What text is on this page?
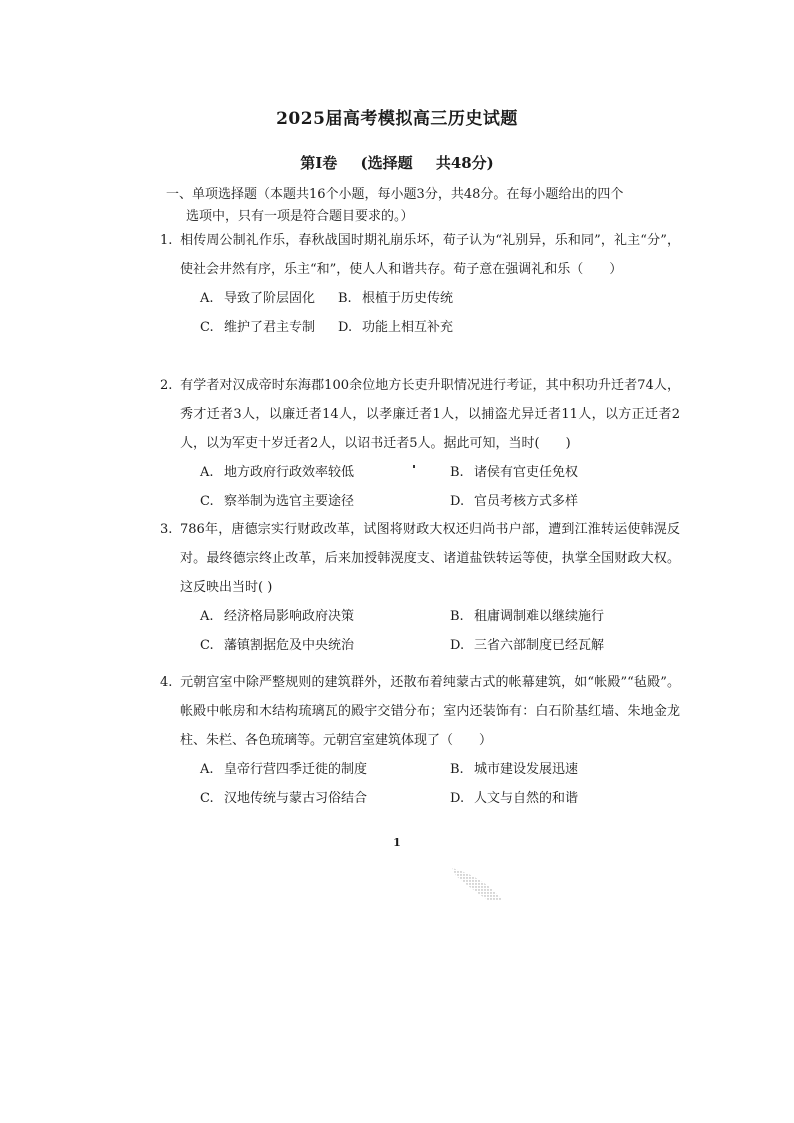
2025届高考模拟高三历史试题
第Ⅰ卷 (选择题 共48分)
一、单项选择题（本题共16个小题，每小题3分，共48分。在每小题给出的四个
选项中，只有一项是符合题目要求的。）
1. 相传周公制礼作乐，春秋战国时期礼崩乐坏，荀子认为“礼别异，乐和同”，礼主“分”，使社会井然有序，乐主“和”，使人人和谐共存。荀子意在强调礼和乐（　　）
A. 导致了阶层固化 B. 根植于历史传统
C. 维护了君主专制 D. 功能上相互补充
2. 有学者对汉成帝时东海郡100余位地方长吏升职情况进行考证，其中积功升迁者74人，秀才迁者3人，以廉迁者14人，以孝廉迁者1人，以捕盗尤异迁者11人，以方正迁者2人，以为军吏十岁迁者2人，以诏书迁者5人。据此可知，当时(　　)
A. 地方政府行政效率较低	B. 诸侯有官吏任免权
C. 察举制为选官主要途径	D. 官员考核方式多样
3. 786年，唐德宗实行财政改革，试图将财政大权还归尚书户部，遭到江淮转运使韩滉反对。最终德宗终止改革，后来加授韩滉度支、诸道盐铁转运等使，执掌全国财政大权。这反映出当时( )
A. 经济格局影响政府决策	B. 租庸调制难以继续施行
C. 藩镇割据危及中央统治	D. 三省六部制度已经瓦解
4. 元朝宫室中除严整规则的建筑群外，还散布着纯蒙古式的帐幕建筑，如“帐殿”“毡殿”。帐殿中帐房和木结构琉璃瓦的殿宇交错分布；室内还装饰有：白石阶基红墙、朱地金龙柱、朱栏、各色琉璃等。元朝宫室建筑体现了（　　）
A. 皇帝行营四季迁徙的制度	B. 城市建设发展迅速
C. 汉地传统与蒙古习俗结合	D. 人文与自然的和谐
1
